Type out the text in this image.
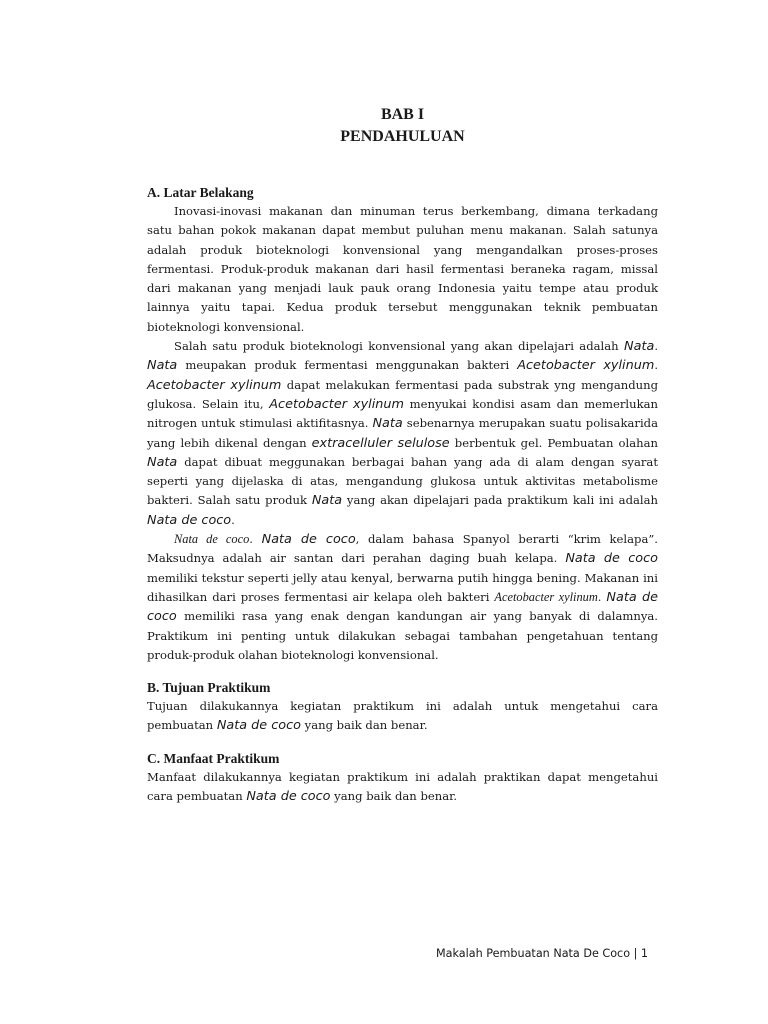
BAB I
PENDAHULUAN
A. Latar Belakang

Inovasi-inovasi makanan dan minuman terus berkembang, dimana terkadang satu bahan pokok makanan dapat membut puluhan menu makanan. Salah satunya adalah produk bioteknologi konvensional yang mengandalkan proses-proses fermentasi. Produk-produk makanan dari hasil fermentasi beraneka ragam, missal dari makanan yang menjadi lauk pauk orang Indonesia yaitu tempe atau produk lainnya yaitu tapai. Kedua produk tersebut menggunakan teknik pembuatan bioteknologi konvensional.

Salah satu produk bioteknologi konvensional yang akan dipelajari adalah Nata. Nata meupakan produk fermentasi menggunakan bakteri Acetobacter xylinum. Acetobacter xylinum dapat melakukan fermentasi pada substrak yng mengandung glukosa. Selain itu, Acetobacter xylinum menyukai kondisi asam dan memerlukan nitrogen untuk stimulasi aktifitasnya. Nata sebenarnya merupakan suatu polisakarida yang lebih dikenal dengan extracelluler selulose berbentuk gel. Pembuatan olahan Nata dapat dibuat meggunakan berbagai bahan yang ada di alam dengan syarat seperti yang dijelaska di atas, mengandung glukosa untuk aktivitas metabolisme bakteri. Salah satu produk Nata yang akan dipelajari pada praktikum kali ini adalah Nata de coco.

Nata de coco. Nata de coco, dalam bahasa Spanyol berarti “krim kelapa”. Maksudnya adalah air santan dari perahan daging buah kelapa. Nata de coco memiliki tekstur seperti jelly atau kenyal, berwarna putih hingga bening. Makanan ini dihasilkan dari proses fermentasi air kelapa oleh bakteri Acetobacter xylinum. Nata de coco memiliki rasa yang enak dengan kandungan air yang banyak di dalamnya. Praktikum ini penting untuk dilakukan sebagai tambahan pengetahuan tentang produk-produk olahan bioteknologi konvensional.

B. Tujuan Praktikum

Tujuan dilakukannya kegiatan praktikum ini adalah untuk mengetahui cara pembuatan Nata de coco yang baik dan benar.

C. Manfaat Praktikum

Manfaat dilakukannya kegiatan praktikum ini adalah praktikan dapat mengetahui cara pembuatan Nata de coco yang baik dan benar.

Makalah Pembuatan Nata De Coco | 1
